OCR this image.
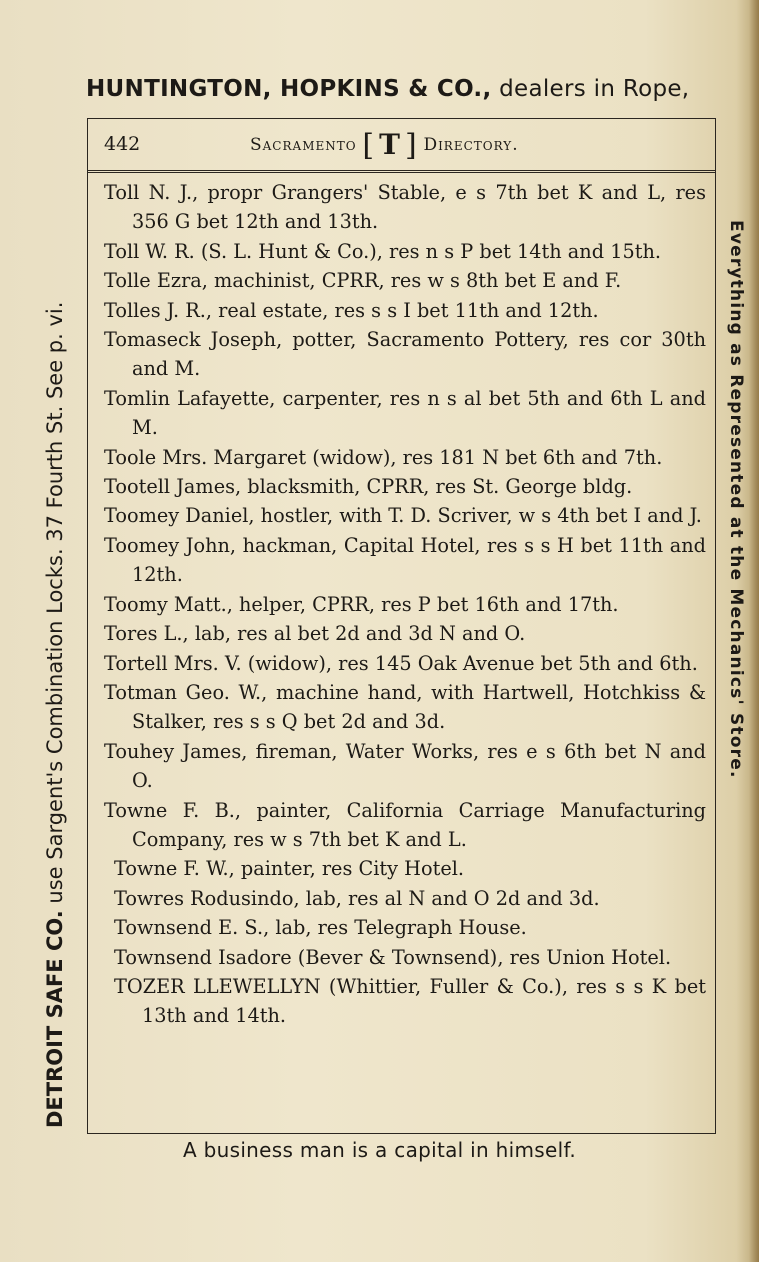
HUNTINGTON, HOPKINS & CO., dealers in Rope,
DETROIT SAFE CO. use Sargent's Combination Locks. 37 Fourth St. See p. vi.	Everything as Represented at the Mechanics' Store.
442	Sacramento [ T ] Directory.
Toll N. J., propr Grangers' Stable, e s 7th bet K and L, res 356 G bet 12th and 13th.
Toll W. R. (S. L. Hunt & Co.), res n s P bet 14th and 15th.
Tolle Ezra, machinist, CPRR, res w s 8th bet E and F.
Tolles J. R., real estate, res s s I bet 11th and 12th.
Tomaseck Joseph, potter, Sacramento Pottery, res cor 30th and M.
Tomlin Lafayette, carpenter, res n s al bet 5th and 6th L and M.
Toole Mrs. Margaret (widow), res 181 N bet 6th and 7th.
Tootell James, blacksmith, CPRR, res St. George bldg.
Toomey Daniel, hostler, with T. D. Scriver, w s 4th bet I and J.
Toomey John, hackman, Capital Hotel, res s s H bet 11th and 12th.
Toomy Matt., helper, CPRR, res P bet 16th and 17th.
Tores L., lab, res al bet 2d and 3d N and O.
Tortell Mrs. V. (widow), res 145 Oak Avenue bet 5th and 6th.
Totman Geo. W., machine hand, with Hartwell, Hotchkiss & Stalker, res s s Q bet 2d and 3d.
Touhey James, fireman, Water Works, res e s 6th bet N and O.
Towne F. B., painter, California Carriage Manufacturing Company, res w s 7th bet K and L.
Towne F. W., painter, res City Hotel.
Towres Rodusindo, lab, res al N and O 2d and 3d.
Townsend E. S., lab, res Telegraph House.
Townsend Isadore (Bever & Townsend), res Union Hotel.
TOZER LLEWELLYN (Whittier, Fuller & Co.), res s s K bet 13th and 14th.
A business man is a capital in himself.
